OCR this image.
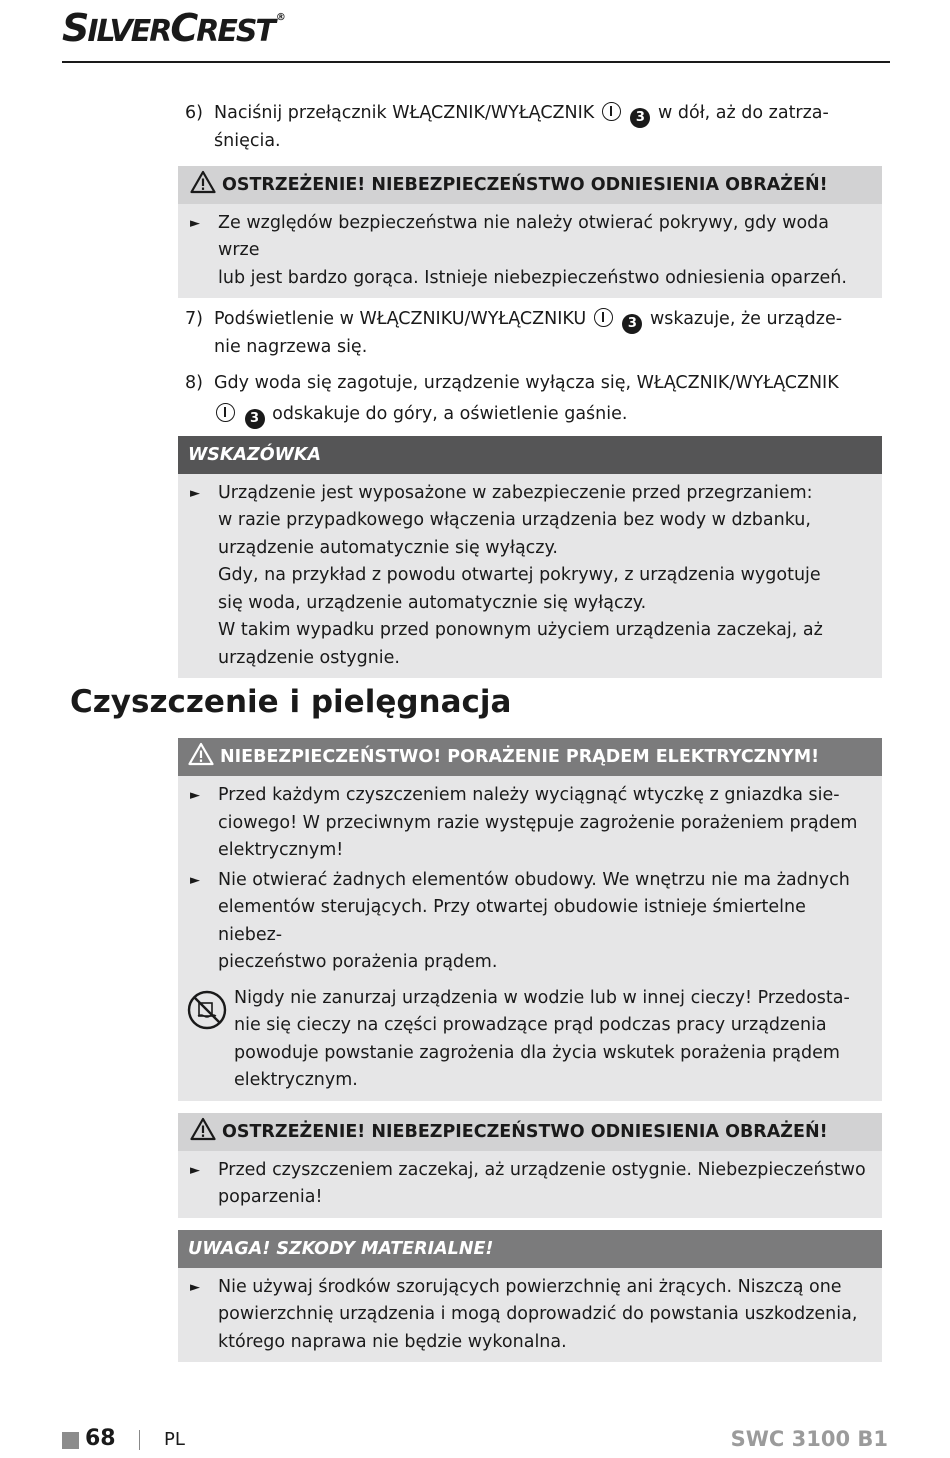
SILVERCREST ®
6) Naciśnij przełącznik WŁĄCZNIK/WYŁĄCZNIK	3 w dół, aż do zatrza-
śnięcia.
OSTRZEŻENIE! NIEBEZPIECZEŃSTWO ODNIESIENIA OBRAŻEŃ!
► Ze względów bezpieczeństwa nie należy otwierać pokrywy, gdy woda wrze
lub jest bardzo gorąca. Istnieje niebezpieczeństwo odniesienia oparzeń.
7) Podświetlenie w WŁĄCZNIKU/WYŁĄCZNIKU	3 wskazuje, że urządze-
nie nagrzewa się.
8) Gdy woda się zagotuje, urządzenie wyłącza się, WŁĄCZNIK/WYŁĄCZNIK
3 odskakuje do góry, a oświetlenie gaśnie.
WSKAZÓWKA
► Urządzenie jest wyposażone w zabezpieczenie przed przegrzaniem:
w razie przypadkowego włączenia urządzenia bez wody w dzbanku,
urządzenie automatycznie się wyłączy.
Gdy, na przykład z powodu otwartej pokrywy, z urządzenia wygotuje
się woda, urządzenie automatycznie się wyłączy.
W takim wypadku przed ponownym użyciem urządzenia zaczekaj, aż
urządzenie ostygnie.
Czyszczenie i pielęgnacja
NIEBEZPIECZEŃSTWO! PORAŻENIE PRĄDEM ELEKTRYCZNYM!
► Przed każdym czyszczeniem należy wyciągnąć wtyczkę z gniazdka sie-
ciowego! W przeciwnym razie występuje zagrożenie porażeniem prądem
elektrycznym!
► Nie otwierać żadnych elementów obudowy. We wnętrzu nie ma żadnych
elementów sterujących. Przy otwartej obudowie istnieje śmiertelne niebez-
pieczeństwo porażenia prądem.
Nigdy nie zanurzaj urządzenia w wodzie lub w innej cieczy! Przedosta-
nie się cieczy na części prowadzące prąd podczas pracy urządzenia
powoduje powstanie zagrożenia dla życia wskutek porażenia prądem
elektrycznym.
OSTRZEŻENIE! NIEBEZPIECZEŃSTWO ODNIESIENIA OBRAŻEŃ!
► Przed czyszczeniem zaczekaj, aż urządzenie ostygnie. Niebezpieczeństwo
poparzenia!
UWAGA! SZKODY MATERIALNE!
► Nie używaj środków szorujących powierzchnię ani żrących. Niszczą one
powierzchnię urządzenia i mogą doprowadzić do powstania uszkodzenia,
którego naprawa nie będzie wykonalna.
68	PL	SWC 3100 B1
